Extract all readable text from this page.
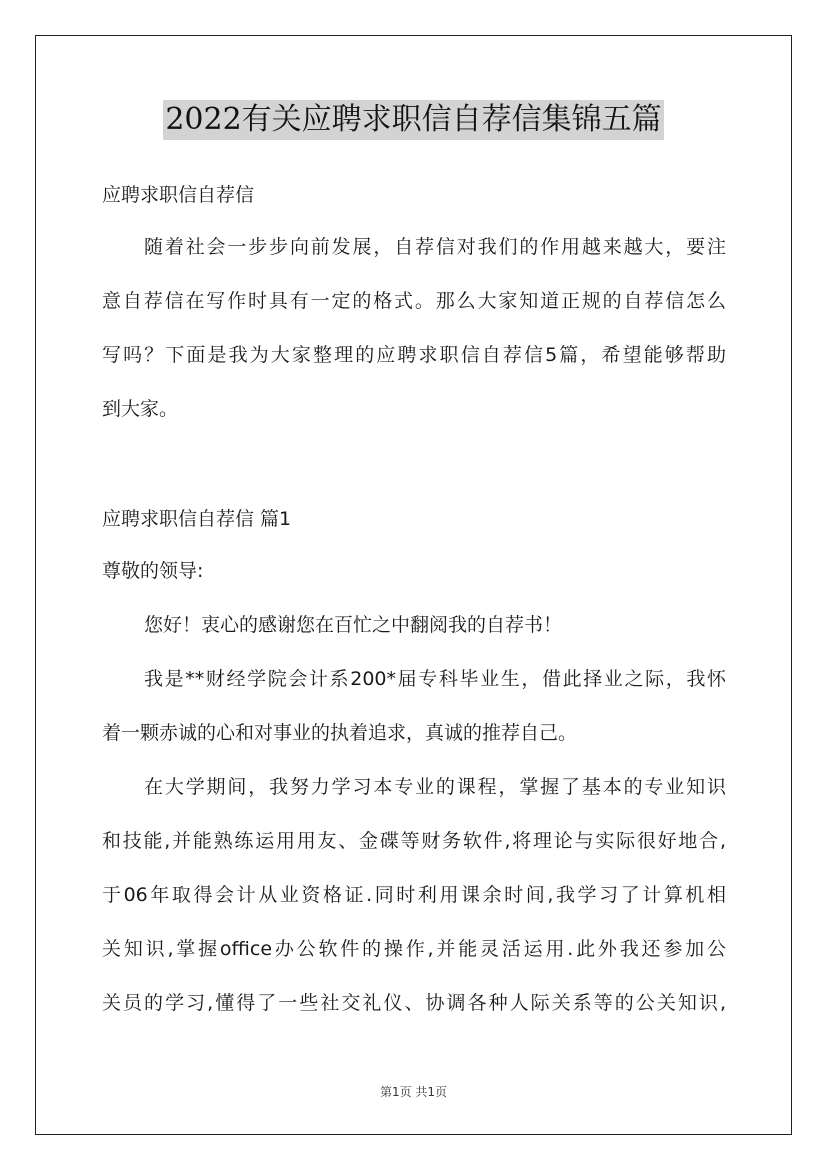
2022有关应聘求职信自荐信集锦五篇
应聘求职信自荐信
随着社会一步步向前发展，自荐信对我们的作用越来越大，要注
意自荐信在写作时具有一定的格式。那么大家知道正规的自荐信怎么
写吗？下面是我为大家整理的应聘求职信自荐信5篇，希望能够帮助
到大家。
应聘求职信自荐信 篇1
尊敬的领导:
您好！衷心的感谢您在百忙之中翻阅我的自荐书！
我是**财经学院会计系200*届专科毕业生，借此择业之际，我怀
着一颗赤诚的心和对事业的执着追求，真诚的推荐自己。
在大学期间，我努力学习本专业的课程，掌握了基本的专业知识
和技能,并能熟练运用用友、金碟等财务软件,将理论与实际很好地合,
于06年取得会计从业资格证.同时利用课余时间,我学习了计算机相
关知识,掌握office办公软件的操作,并能灵活运用.此外我还参加公
关员的学习,懂得了一些社交礼仪、协调各种人际关系等的公关知识,
第1页 共1页
